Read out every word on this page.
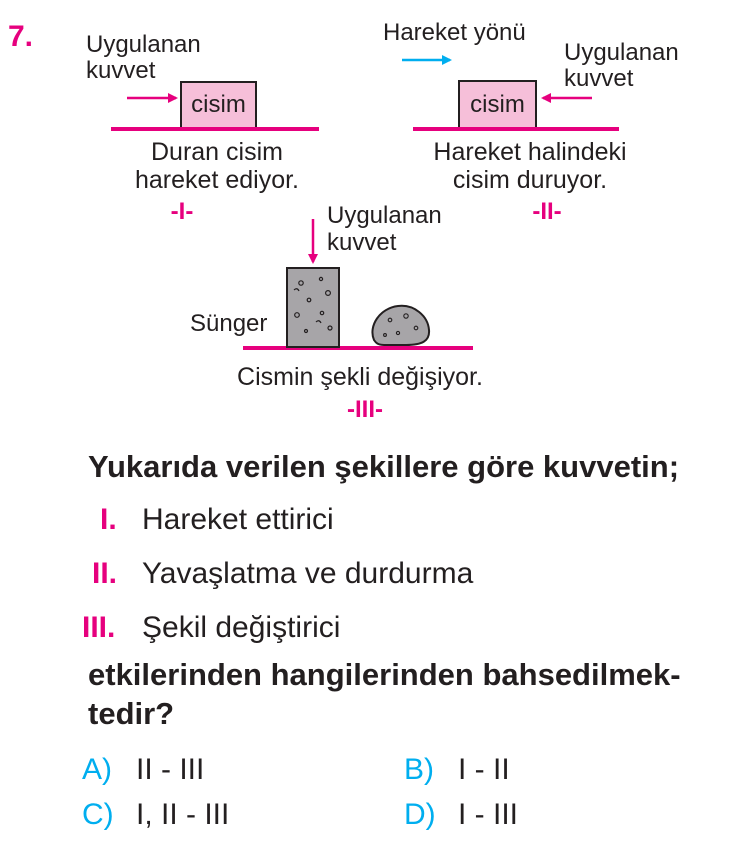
7. Uygulanan
kuvvet
cisim
Duran cisim
hareket ediyor.
-I-
Hareket yönü
Uygulanan
kuvvet
cisim
Hareket halindeki
cisim duruyor.
-II-
Uygulanan
kuvvet
Sünger
Cismin şekli değişiyor.
-III-
Yukarıda verilen şekillere göre kuvvetin;
I. Hareket ettirici
II. Yavaşlatma ve durdurma
III. Şekil değiştirici
etkilerinden hangilerinden bahsedilmek-tedir?
A) II - III	B) I - II
C) I, II - III	D) I - III
